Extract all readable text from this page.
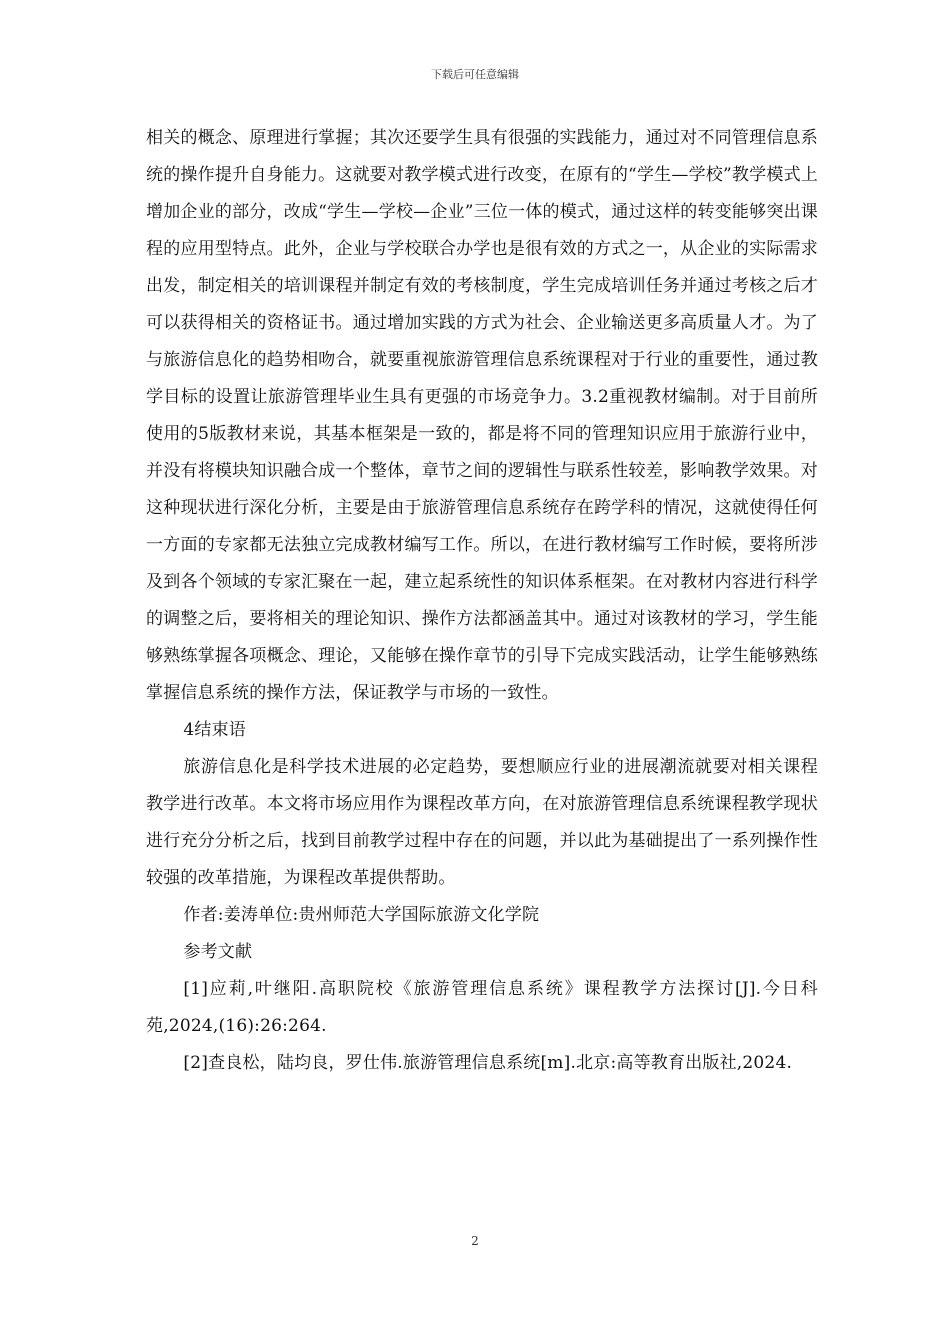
下载后可任意编辑

相关的概念、原理进行掌握；其次还要学生具有很强的实践能力，通过对不同管理信息系统的操作提升自身能力。这就要对教学模式进行改变，在原有的“学生—学校”教学模式上增加企业的部分，改成“学生—学校—企业”三位一体的模式，通过这样的转变能够突出课程的应用型特点。此外，企业与学校联合办学也是很有效的方式之一，从企业的实际需求出发，制定相关的培训课程并制定有效的考核制度，学生完成培训任务并通过考核之后才可以获得相关的资格证书。通过增加实践的方式为社会、企业输送更多高质量人才。为了与旅游信息化的趋势相吻合，就要重视旅游管理信息系统课程对于行业的重要性，通过教学目标的设置让旅游管理毕业生具有更强的市场竞争力。3.2重视教材编制。对于目前所使用的5版教材来说，其基本框架是一致的，都是将不同的管理知识应用于旅游行业中，并没有将模块知识融合成一个整体，章节之间的逻辑性与联系性较差，影响教学效果。对这种现状进行深化分析，主要是由于旅游管理信息系统存在跨学科的情况，这就使得任何一方面的专家都无法独立完成教材编写工作。所以，在进行教材编写工作时候，要将所涉及到各个领域的专家汇聚在一起，建立起系统性的知识体系框架。在对教材内容进行科学的调整之后，要将相关的理论知识、操作方法都涵盖其中。通过对该教材的学习，学生能够熟练掌握各项概念、理论，又能够在操作章节的引导下完成实践活动，让学生能够熟练掌握信息系统的操作方法，保证教学与市场的一致性。

4结束语

旅游信息化是科学技术进展的必定趋势，要想顺应行业的进展潮流就要对相关课程教学进行改革。本文将市场应用作为课程改革方向，在对旅游管理信息系统课程教学现状进行充分分析之后，找到目前教学过程中存在的问题，并以此为基础提出了一系列操作性较强的改革措施，为课程改革提供帮助。

作者:姜涛单位:贵州师范大学国际旅游文化学院

参考文献

[1]应莉,叶继阳.高职院校《旅游管理信息系统》课程教学方法探讨[J].今日科苑,2024,(16):26:264.

[2]查良松，陆均良，罗仕伟.旅游管理信息系统[m].北京:高等教育出版社,2024.

2
